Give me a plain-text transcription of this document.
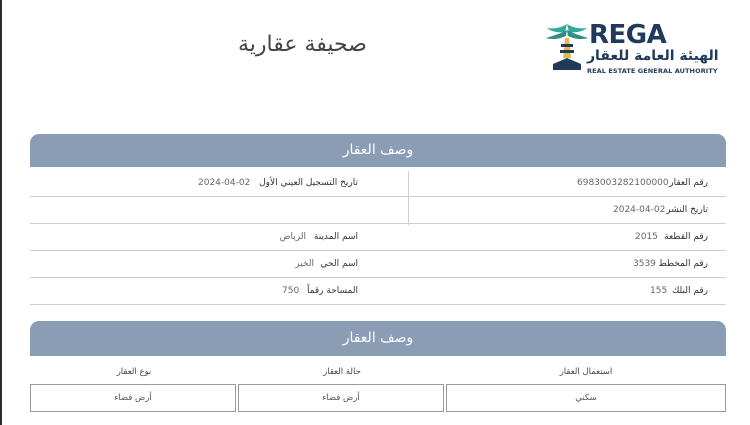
صحيفة عقارية	REGA
الهيئة العامة للعقار
REAL ESTATE GENERAL AUTHORITY
وصف العقار
رقم العقار
6983003282100000
تاريخ التسجيل العيني الأول
2024-04-02
تاريخ النشر
2024-04-02
رقم القطعة
2015
اسم المدينة
الرياض
رقم المخطط
3539
اسم الحي
الخير
رقم البلك
155
المساحة رقماً
750
وصف العقار
استعمال العقار
حالة العقار
نوع العقار
سكني
أرض فضاء
أرض فضاء
